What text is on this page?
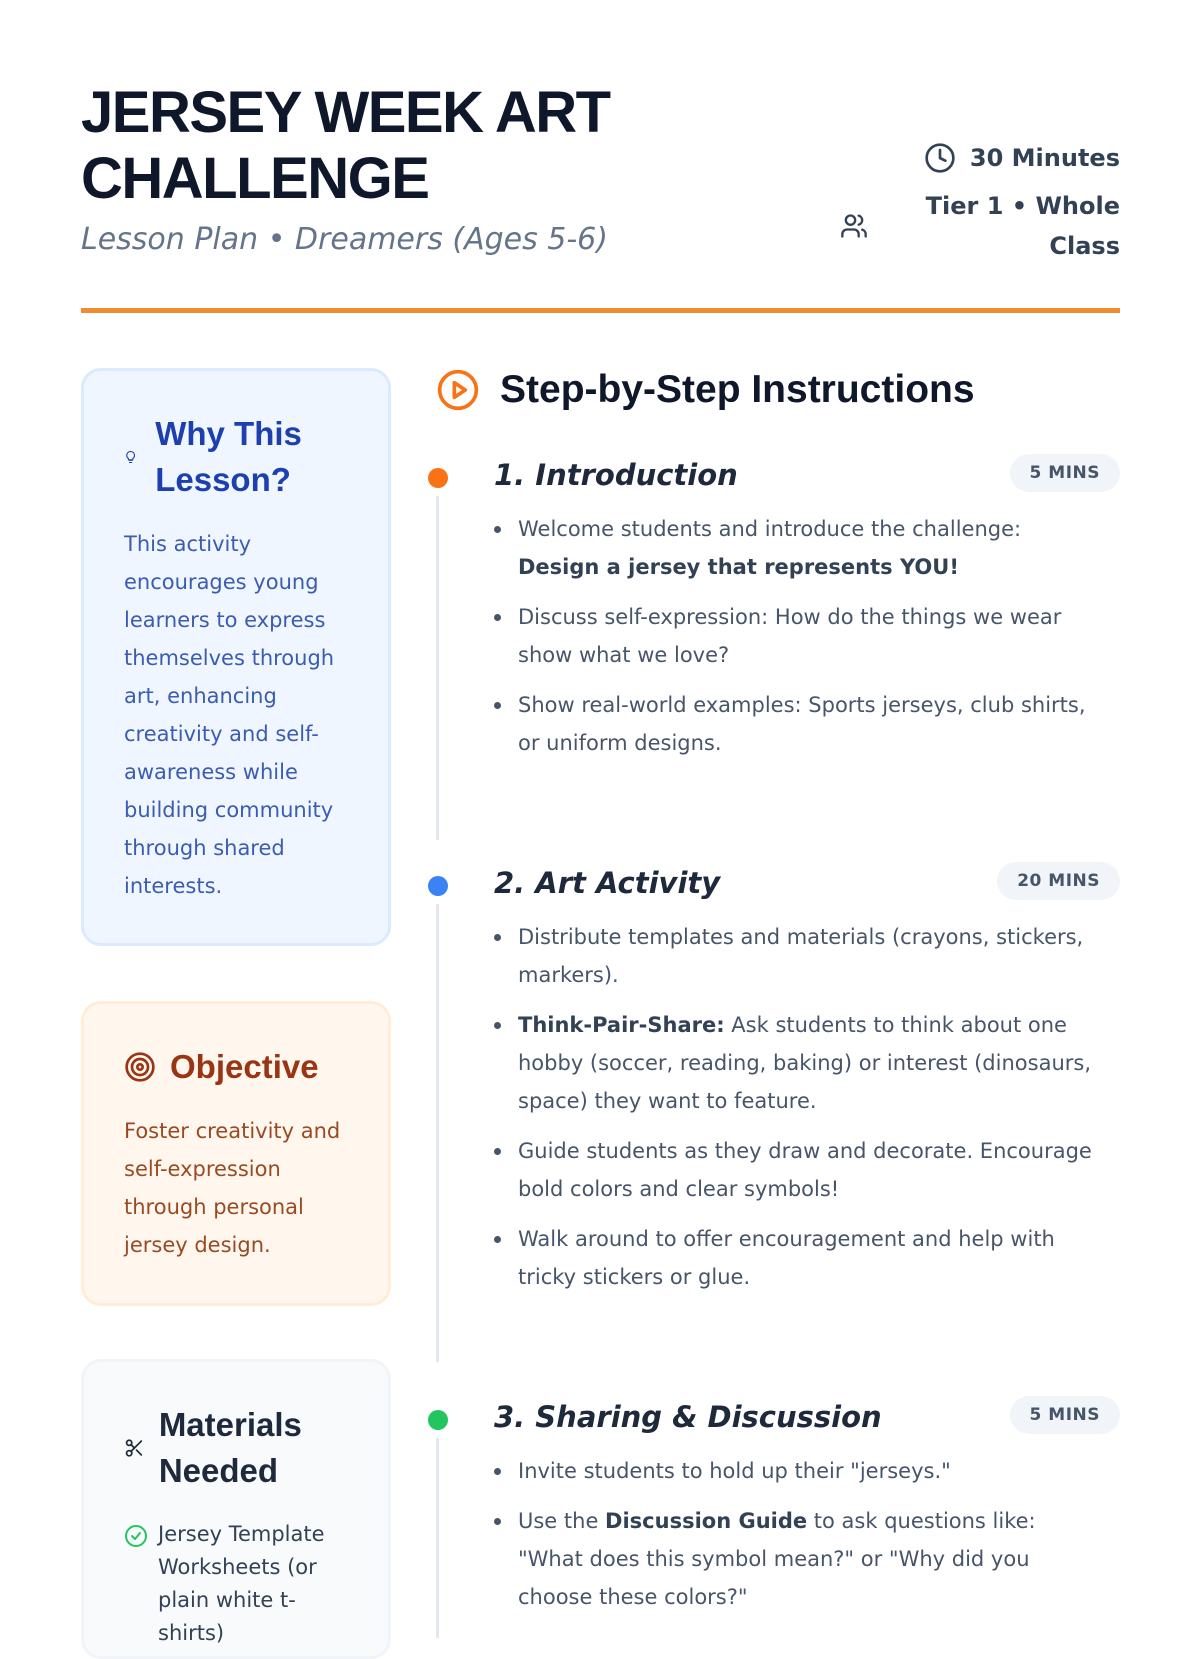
JERSEY WEEK ART CHALLENGE
Lesson Plan • Dreamers (Ages 5-6)
30 Minutes
Tier 1 • Whole Class
Why This Lesson?
This activity encourages young learners to express themselves through art, enhancing creativity and self-awareness while building community through shared interests.
Objective
Foster creativity and self-expression through personal jersey design.
Materials Needed
Jersey Template Worksheets (or plain white t-shirts)
Step-by-Step Instructions
1. Introduction	5 MINS
Welcome students and introduce the challenge: Design a jersey that represents YOU!
Discuss self-expression: How do the things we wear show what we love?
Show real-world examples: Sports jerseys, club shirts, or uniform designs.
2. Art Activity	20 MINS
Distribute templates and materials (crayons, stickers, markers).
Think-Pair-Share: Ask students to think about one hobby (soccer, reading, baking) or interest (dinosaurs, space) they want to feature.
Guide students as they draw and decorate. Encourage bold colors and clear symbols!
Walk around to offer encouragement and help with tricky stickers or glue.
3. Sharing & Discussion	5 MINS
Invite students to hold up their "jerseys."
Use the Discussion Guide to ask questions like: "What does this symbol mean?" or "Why did you choose these colors?"
